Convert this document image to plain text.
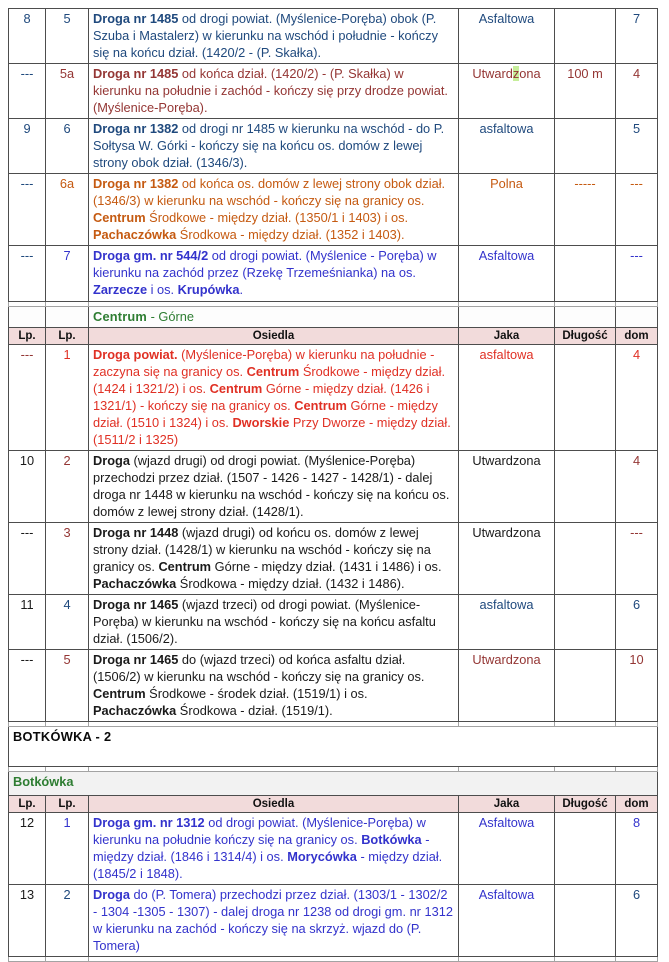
8	5	Droga nr 1485 od drogi powiat. (Myślenice-Poręba) obok (P. Szuba i Mastalerz) w kierunku na wschód i południe - kończy się na końcu dział. (1420/2 - (P. Skałka).	Asfaltowa		7
---	5a	Droga nr 1485 od końca dział. (1420/2) - (P. Skałka) w kierunku na południe i zachód - kończy się przy drodze powiat. (Myślenice-Poręba).	Utwardzona	100 m	4
9	6	Droga nr 1382 od drogi nr 1485 w kierunku na wschód - do P. Sołtysa W. Górki - kończy się na końcu os. domów z lewej strony obok dział. (1346/3).	asfaltowa		5
---	6a	Droga nr 1382 od końca os. domów z lewej strony obok dział. (1346/3) w kierunku na wschód - kończy się na granicy os. Centrum Środkowe - między dział. (1350/1 i 1403) i os. Pachaczówka Środkowa - między dział. (1352 i 1403).	Polna	-----	---
---	7	Droga gm. nr 544/2 od drogi powiat. (Myślenice - Poręba) w kierunku na zachód przez (Rzekę Trzemeśnianka) na os. Zarzecze i os. Krupówka.	Asfaltowa		---

		Centrum - Górne			
Lp.	Lp.	Osiedla	Jaka	Długość	dom
---	1	Droga powiat. (Myślenice-Poręba) w kierunku na południe - zaczyna się na granicy os. Centrum Środkowe - między dział. (1424 i 1321/2) i os. Centrum Górne - między dział. (1426 i 1321/1) - kończy się na granicy os. Centrum Górne - między dział. (1510 i 1324) i os. Dworskie Przy Dworze - między dział. (1511/2 i 1325)	asfaltowa		4
10	2	Droga (wjazd drugi) od drogi powiat. (Myślenice-Poręba) przechodzi przez dział. (1507 - 1426 - 1427 - 1428/1) - dalej droga nr 1448 w kierunku na wschód - kończy się na końcu os. domów z lewej strony dział. (1428/1).	Utwardzona		4
---	3	Droga nr 1448 (wjazd drugi) od końcu os. domów z lewej strony dział. (1428/1) w kierunku na wschód - kończy się na granicy os. Centrum Górne - między dział. (1431 i 1486) i os. Pachaczówka Środkowa - między dział. (1432 i 1486).	Utwardzona		---
11	4	Droga nr 1465 (wjazd trzeci) od drogi powiat. (Myślenice-Poręba) w kierunku na wschód - kończy się na końcu asfaltu dział. (1506/2).	asfaltowa		6
---	5	Droga nr 1465 do (wjazd trzeci) od końca asfaltu dział. (1506/2) w kierunku na wschód - kończy się na granicy os. Centrum Środkowe - środek dział. (1519/1) i os. Pachaczówka Środkowa - dział. (1519/1).	Utwardzona		10

BOTKÓWKA - 2					

Botkówka					
Lp.	Lp.	Osiedla	Jaka	Długość	dom
12	1	Droga gm. nr 1312 od drogi powiat. (Myślenice-Poręba) w kierunku na południe kończy się na granicy os. Botkówka - między dział. (1846 i 1314/4) i os. Morycówka - między dział. (1845/2 i 1848).	Asfaltowa		8
13	2	Droga do (P. Tomera) przechodzi przez dział. (1303/1 - 1302/2 - 1304 -1305 - 1307) - dalej droga nr 1238 od drogi gm. nr 1312 w kierunku na zachód - kończy się na skrzyż. wjazd do (P. Tomera)	Asfaltowa		6
